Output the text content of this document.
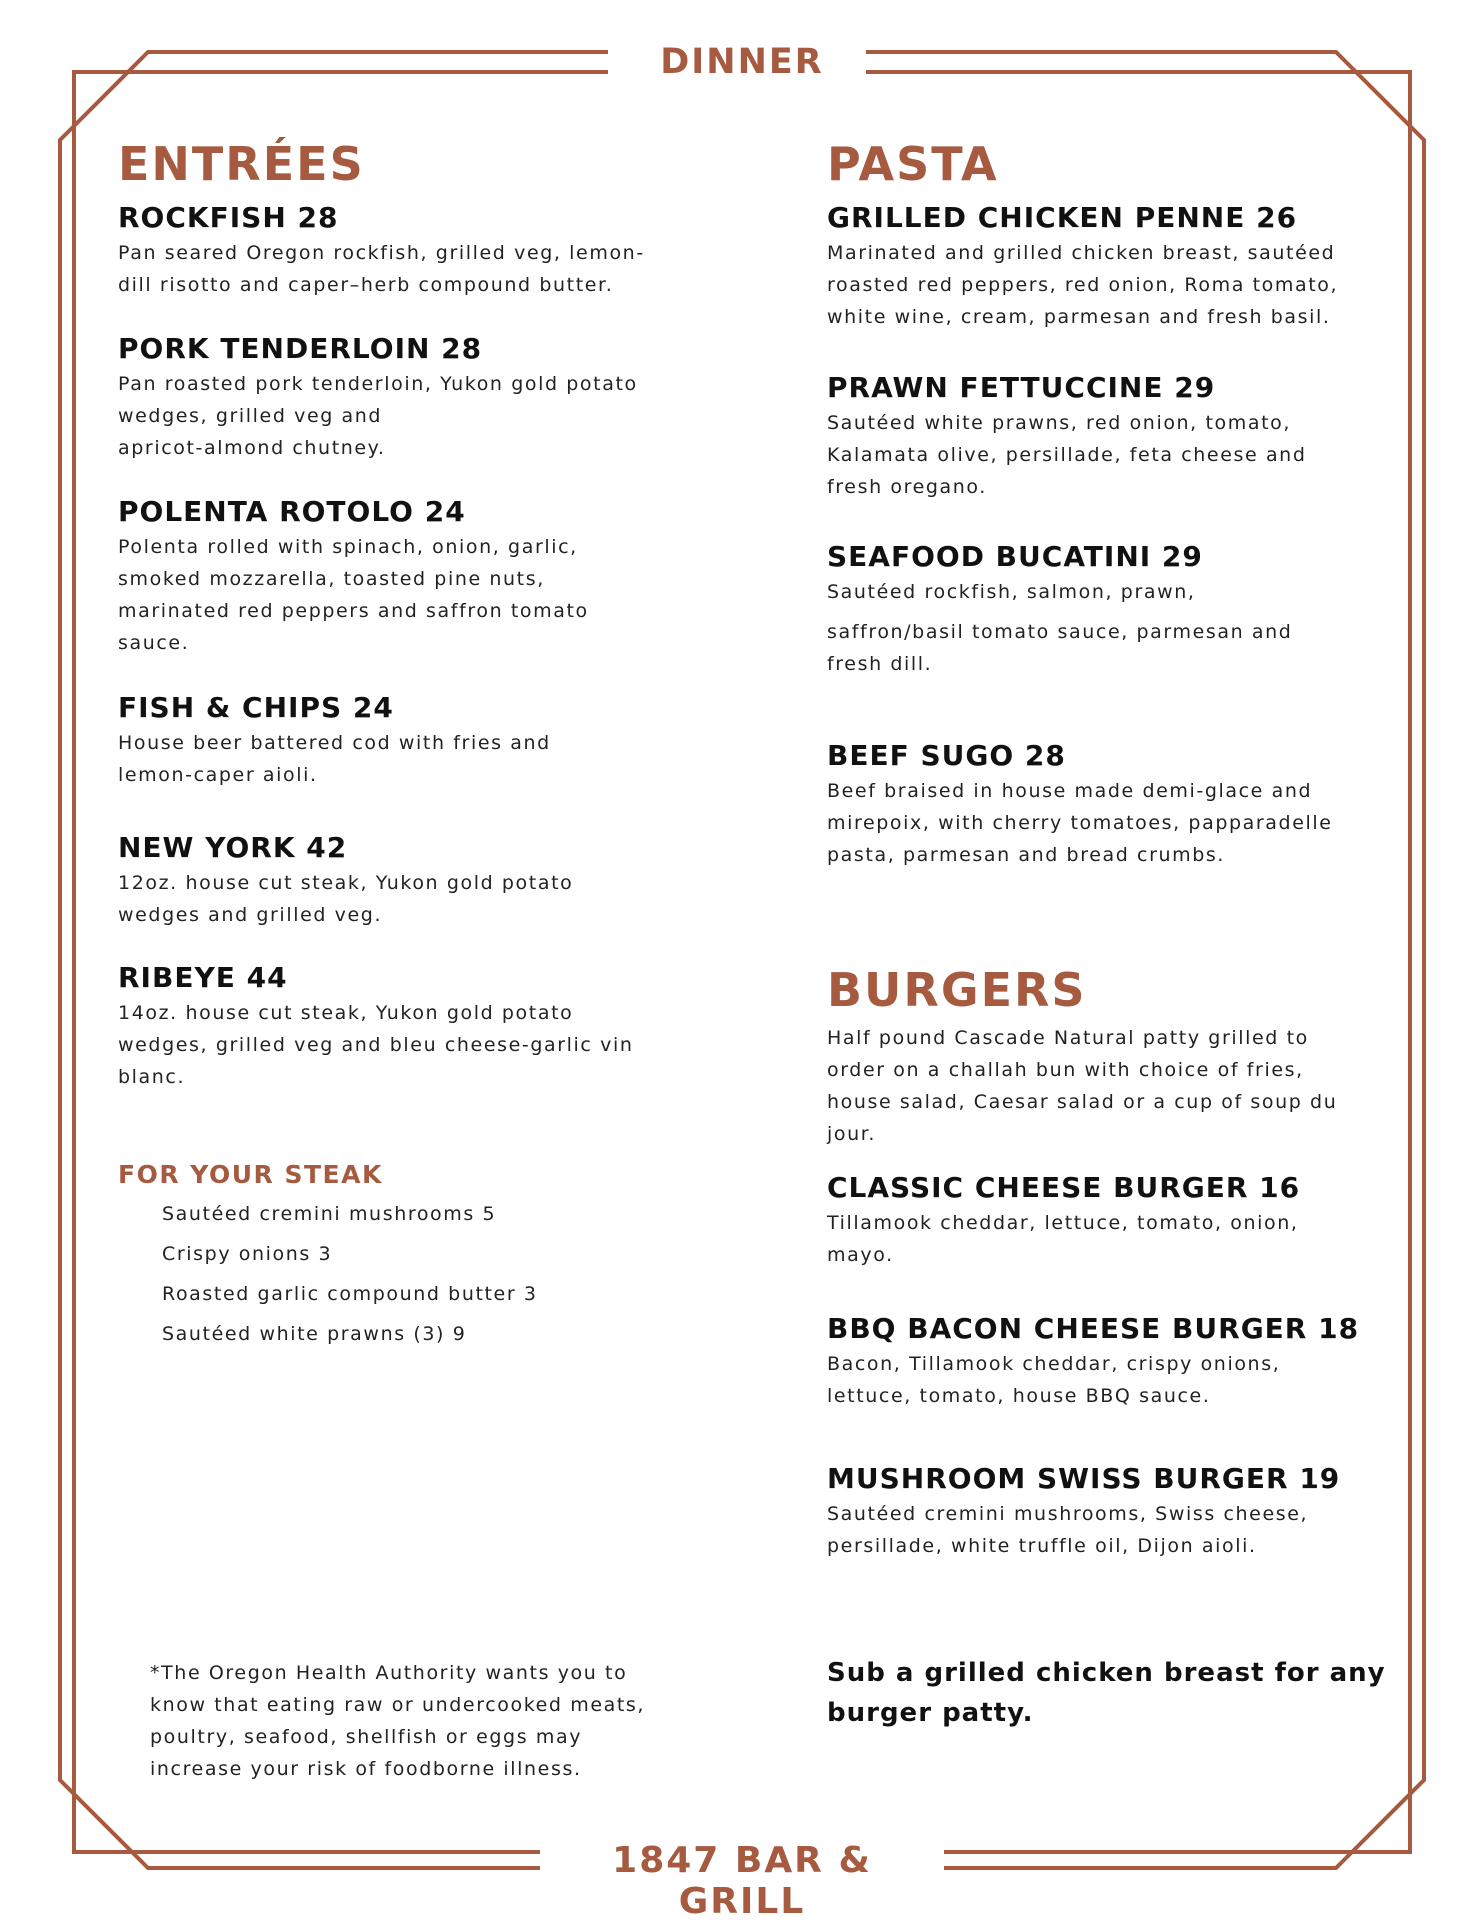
DINNER
1847 BAR & GRILL
ENTRÉES
ROCKFISH 28
Pan seared Oregon rockfish, grilled veg, lemon-
dill risotto and caper–herb compound butter.
PORK TENDERLOIN 28
Pan roasted pork tenderloin, Yukon gold potato
wedges, grilled veg and
apricot-almond chutney.
POLENTA ROTOLO 24
Polenta rolled with spinach, onion, garlic,
smoked mozzarella, toasted pine nuts,
marinated red peppers and saffron tomato
sauce.
FISH & CHIPS 24
House beer battered cod with fries and
lemon-caper aioli.
NEW YORK 42
12oz. house cut steak, Yukon gold potato
wedges and grilled veg.
RIBEYE 44
14oz. house cut steak, Yukon gold potato
wedges, grilled veg and bleu cheese-garlic vin
blanc.
FOR YOUR STEAK
Sautéed cremini mushrooms 5
Crispy onions 3
Roasted garlic compound butter 3
Sautéed white prawns (3) 9
*The Oregon Health Authority wants you to
know that eating raw or undercooked meats,
poultry, seafood, shellfish or eggs may
increase your risk of foodborne illness.
PASTA
GRILLED CHICKEN PENNE 26
Marinated and grilled chicken breast, sautéed
roasted red peppers, red onion, Roma tomato,
white wine, cream, parmesan and fresh basil.
PRAWN FETTUCCINE 29
Sautéed white prawns, red onion, tomato,
Kalamata olive, persillade, feta cheese and
fresh oregano.
SEAFOOD BUCATINI 29
Sautéed rockfish, salmon, prawn,
saffron/basil tomato sauce, parmesan and
fresh dill.
BEEF SUGO 28
Beef braised in house made demi-glace and
mirepoix, with cherry tomatoes, papparadelle
pasta, parmesan and bread crumbs.
BURGERS
Half pound Cascade Natural patty grilled to
order on a challah bun with choice of fries,
house salad, Caesar salad or a cup of soup du
jour.
CLASSIC CHEESE BURGER 16
Tillamook cheddar, lettuce, tomato, onion,
mayo.
BBQ BACON CHEESE BURGER 18
Bacon, Tillamook cheddar, crispy onions,
lettuce, tomato, house BBQ sauce.
MUSHROOM SWISS BURGER 19
Sautéed cremini mushrooms, Swiss cheese,
persillade, white truffle oil, Dijon aioli.
Sub a grilled chicken breast for any
burger patty.
